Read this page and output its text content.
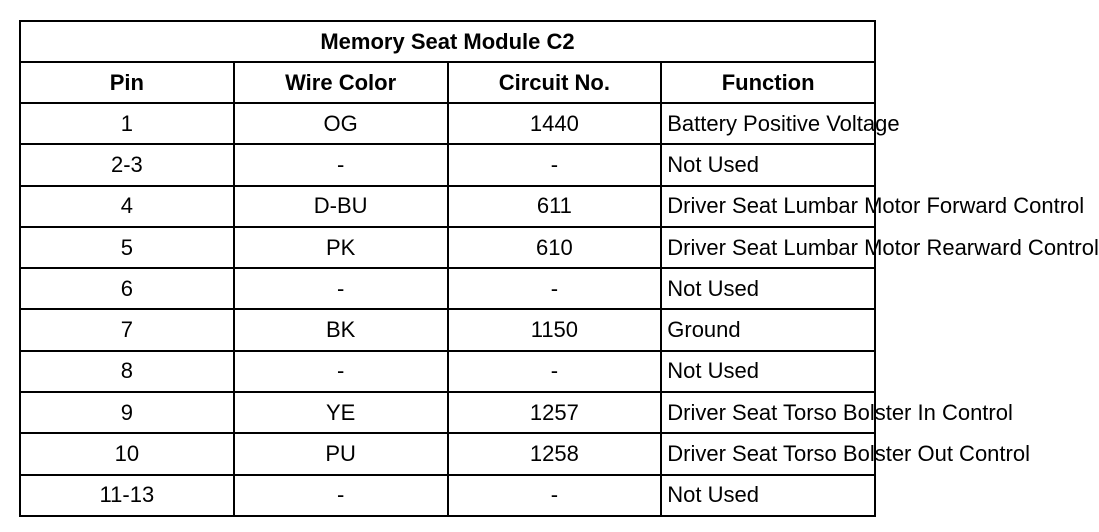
Memory Seat Module C2			
Pin	Wire Color	Circuit No.	Function
1	OG	1440	Battery Positive Voltage
2-3	-	-	Not Used
4	D-BU	611	Driver Seat Lumbar Motor Forward Control
5	PK	610	Driver Seat Lumbar Motor Rearward Control
6	-	-	Not Used
7	BK	1150	Ground
8	-	-	Not Used
9	YE	1257	Driver Seat Torso Bolster In Control
10	PU	1258	Driver Seat Torso Bolster Out Control
11-13	-	-	Not Used
